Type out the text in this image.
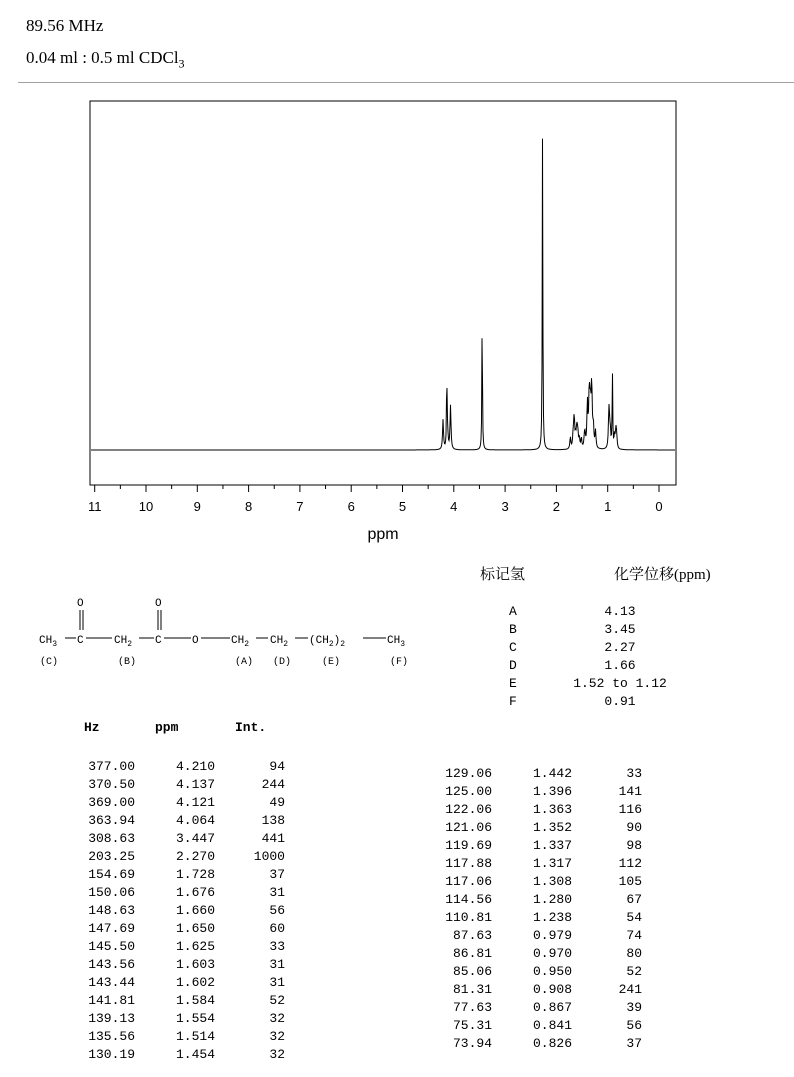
89.56 MHz
0.04 ml : 0.5 ml CDCl$_3$
11	10	9	8	7	6	5	4	3	2	1	0
ppm
标记氢	化学位移(ppm)
A	4.13
B	3.45
C	2.27
D	1.66
E	1.52 to 1.12
F	0.91
O	O
$CH_3$ C	$CH_2$ C	O	$CH_2$ $CH_2$ $(CH_2)_2$	$CH_3$
(C)	(B)	(A) (D)	(E)	(F)
Hz	ppm	Int.
377.00	4.210	94
370.50	4.137	244
369.00	4.121	49
363.94	4.064	138
308.63	3.447	441
203.25	2.270	1000
154.69	1.728	37
150.06	1.676	31
148.63	1.660	56
147.69	1.650	60
145.50	1.625	33
143.56	1.603	31
143.44	1.602	31
141.81	1.584	52
139.13	1.554	32
135.56	1.514	32
130.19	1.454	32
129.06	1.442	33
125.00	1.396	141
122.06	1.363	116
121.06	1.352	90
119.69	1.337	98
117.88	1.317	112
117.06	1.308	105
114.56	1.280	67
110.81	1.238	54
87.63	0.979	74
86.81	0.970	80
85.06	0.950	52
81.31	0.908	241
77.63	0.867	39
75.31	0.841	56
73.94	0.826	37
